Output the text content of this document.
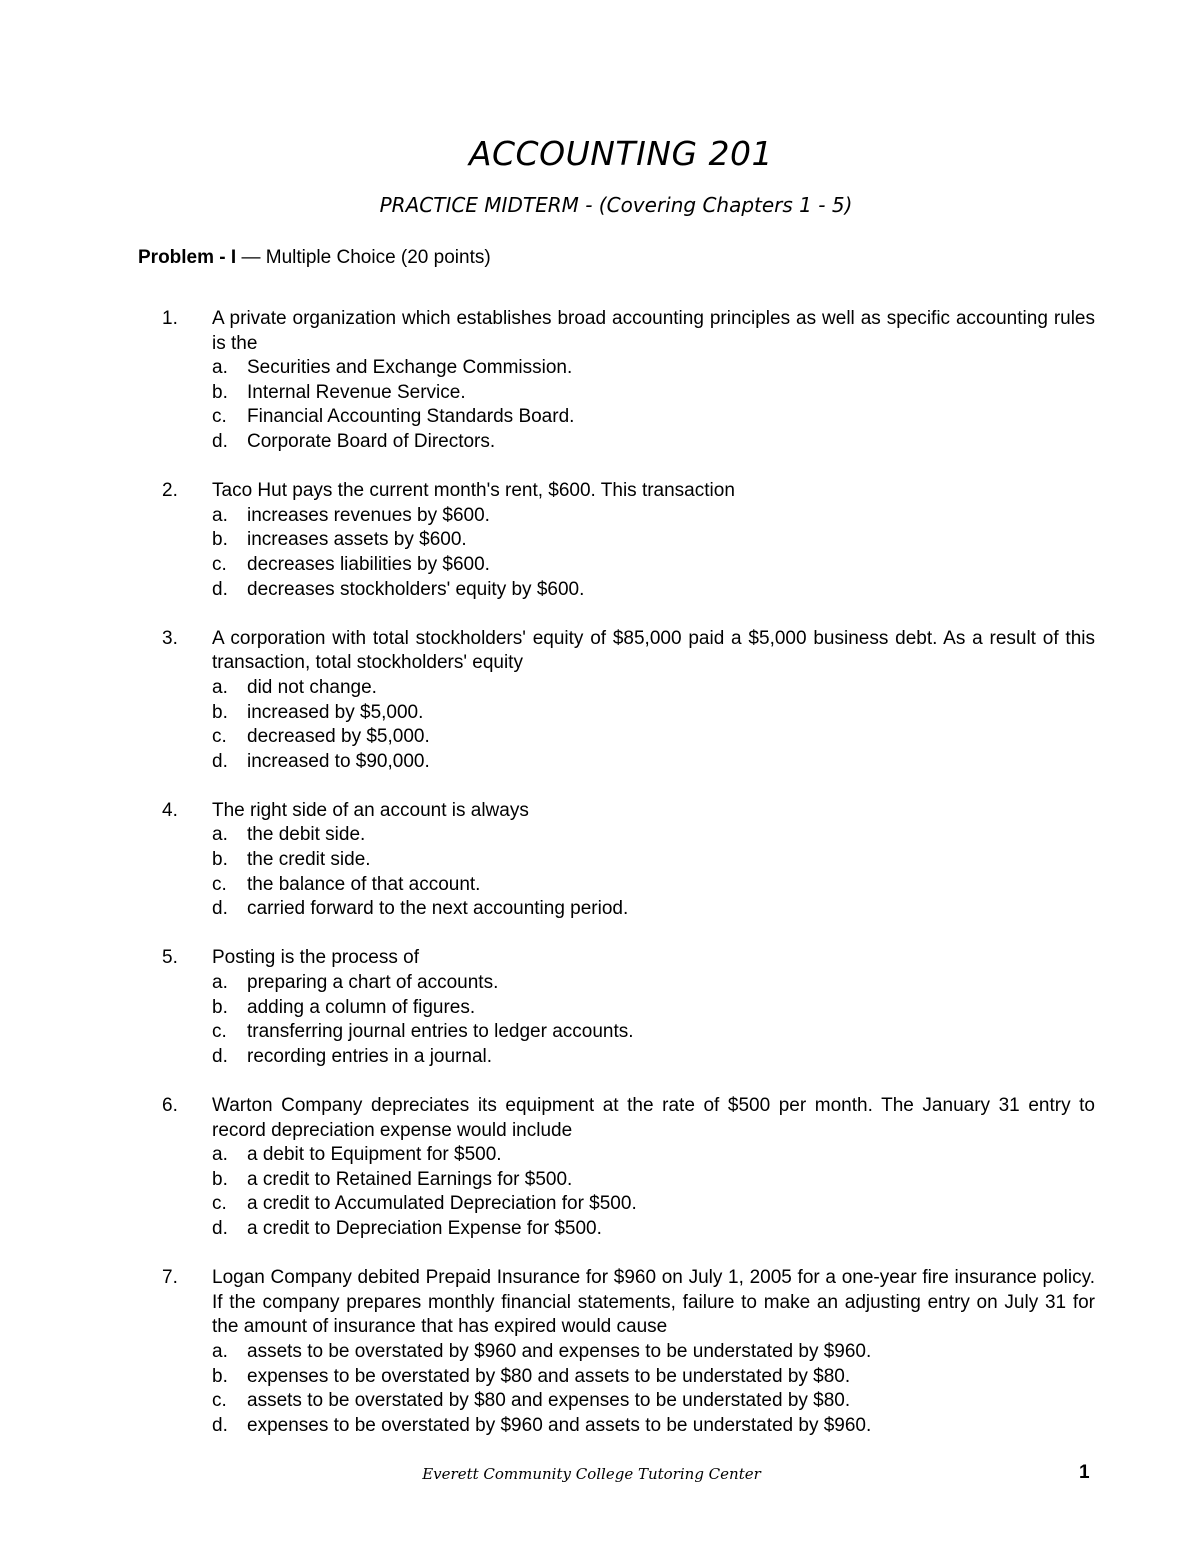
ACCOUNTING 201
PRACTICE MIDTERM - (Covering Chapters 1 - 5)

Problem - I — Multiple Choice (20 points)

1. A private organization which establishes broad accounting principles as well as specific accounting rules is the
a. Securities and Exchange Commission.
b. Internal Revenue Service.
c. Financial Accounting Standards Board.
d. Corporate Board of Directors.
2. Taco Hut pays the current month's rent, $600. This transaction
a. increases revenues by $600.
b. increases assets by $600.
c. decreases liabilities by $600.
d. decreases stockholders' equity by $600.
3. A corporation with total stockholders' equity of $85,000 paid a $5,000 business debt. As a result of this transaction, total stockholders' equity
a. did not change.
b. increased by $5,000.
c. decreased by $5,000.
d. increased to $90,000.
4. The right side of an account is always
a. the debit side.
b. the credit side.
c. the balance of that account.
d. carried forward to the next accounting period.
5. Posting is the process of
a. preparing a chart of accounts.
b. adding a column of figures.
c. transferring journal entries to ledger accounts.
d. recording entries in a journal.
6. Warton Company depreciates its equipment at the rate of $500 per month. The January 31 entry to record depreciation expense would include
a. a debit to Equipment for $500.
b. a credit to Retained Earnings for $500.
c. a credit to Accumulated Depreciation for $500.
d. a credit to Depreciation Expense for $500.
7. Logan Company debited Prepaid Insurance for $960 on July 1, 2005 for a one-year fire insurance policy. If the company prepares monthly financial statements, failure to make an adjusting entry on July 31 for the amount of insurance that has expired would cause
a. assets to be overstated by $960 and expenses to be understated by $960.
b. expenses to be overstated by $80 and assets to be understated by $80.
c. assets to be overstated by $80 and expenses to be understated by $80.
d. expenses to be overstated by $960 and assets to be understated by $960.
Everett Community College Tutoring Center	1
